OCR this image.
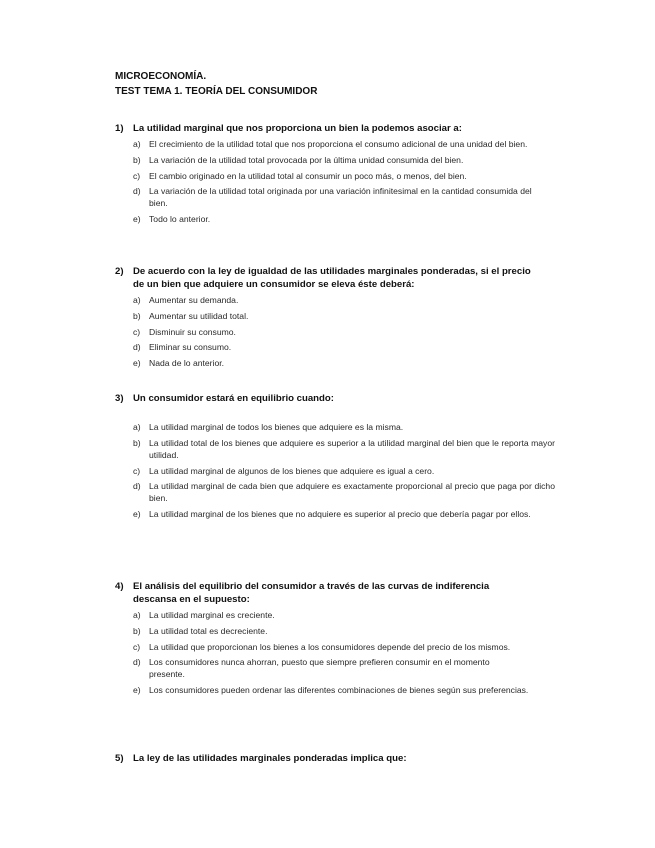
MICROECONOMÍA.
TEST TEMA 1. TEORÍA DEL CONSUMIDOR
1) La utilidad marginal que nos proporciona un bien la podemos asociar a:
a) El crecimiento de la utilidad total que nos proporciona el consumo adicional de una unidad del bien.
b) La variación de la utilidad total provocada por la última unidad consumida del bien.
c)	El cambio originado en la utilidad total al consumir un poco más, o menos, del bien.
d) La variación de la utilidad total originada por una variación infinitesimal en la cantidad consumida del bien.
e) Todo lo anterior.
2) De acuerdo con la ley de igualdad de las utilidades marginales ponderadas, si el precio de un bien que adquiere un consumidor se eleva éste deberá:
a) Aumentar su demanda.
b) Aumentar su utilidad total.
c)	Disminuir su consumo.
d) Eliminar su consumo.
e) Nada de lo anterior.
3) Un consumidor estará en equilibrio cuando:
a) La utilidad marginal de todos los bienes que adquiere es la misma.
b) La utilidad total de los bienes que adquiere es superior a la utilidad marginal del bien que le reporta mayor utilidad.
c)	La utilidad marginal de algunos de los bienes que adquiere es igual a cero.
d) La utilidad marginal de cada bien que adquiere es exactamente proporcional al precio que paga por dicho bien.
e) La utilidad marginal de los bienes que no adquiere es superior al precio que debería pagar por ellos.
4) El análisis del equilibrio del consumidor a través de las curvas de indiferencia descansa en el supuesto:
a) La utilidad marginal es creciente.
b) La utilidad total es decreciente.
c)	La utilidad que proporcionan los bienes a los consumidores depende del precio de los mismos.
d) Los consumidores nunca ahorran, puesto que siempre prefieren consumir en el momento presente.
e) Los consumidores pueden ordenar las diferentes combinaciones de bienes según sus preferencias.
5) La ley de las utilidades marginales ponderadas implica que:
